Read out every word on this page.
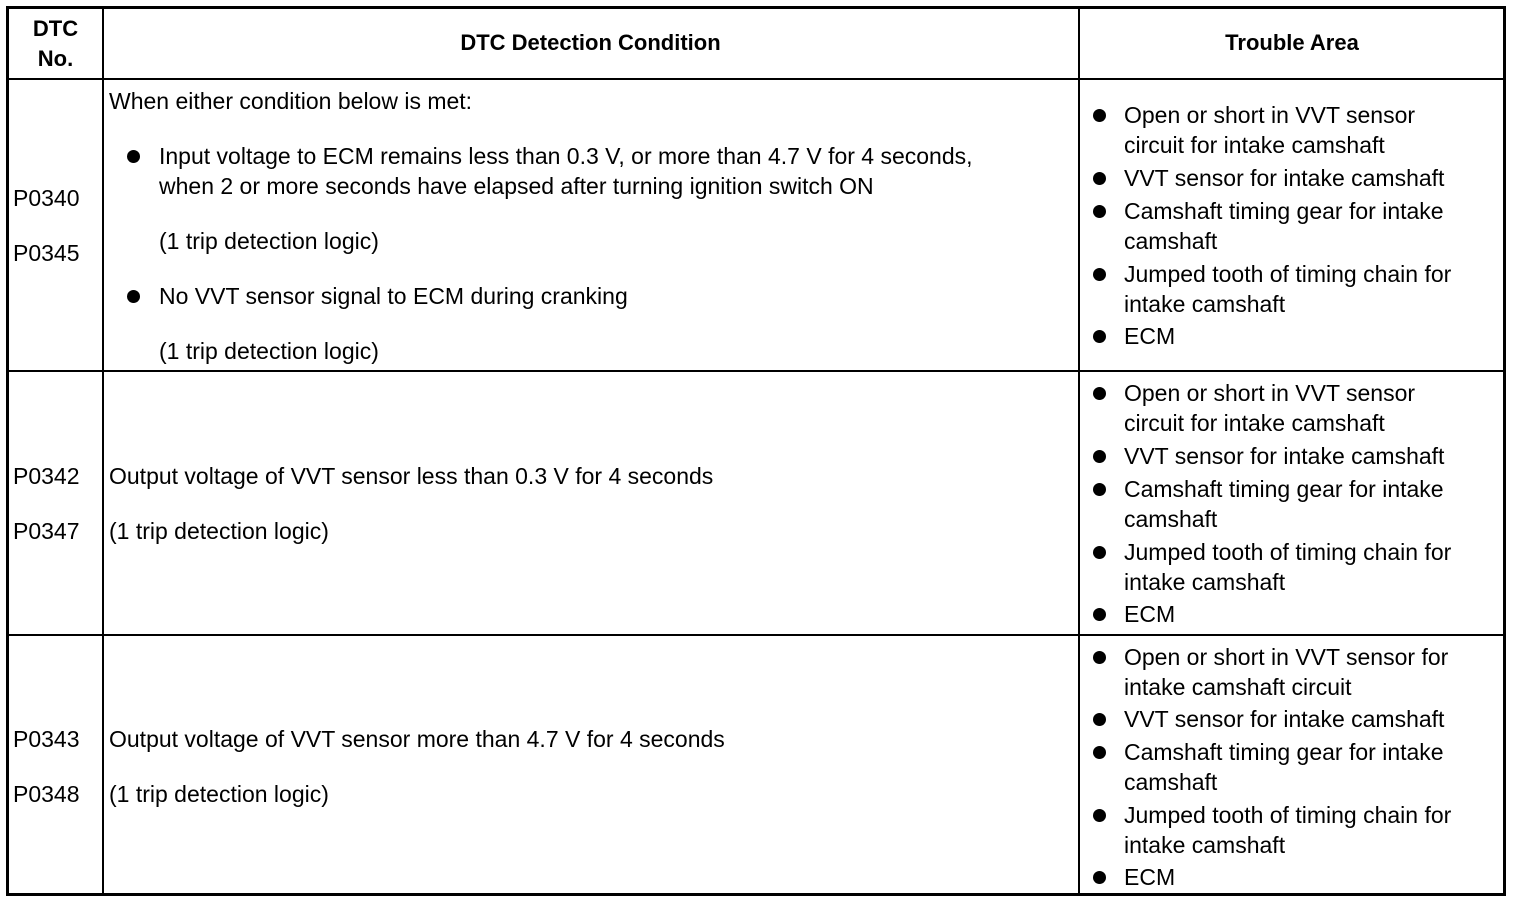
DTC
No.
DTC Detection Condition	Trouble Area
P0340
P0345
When either condition below is met:
Input voltage to ECM remains less than 0.3 V, or more than 4.7 V for 4 seconds,
when 2 or more seconds have elapsed after turning ignition switch ON
(1 trip detection logic)
No VVT sensor signal to ECM during cranking
(1 trip detection logic)
Open or short in VVT sensor
circuit for intake camshaft
VVT sensor for intake camshaft
Camshaft timing gear for intake
camshaft
Jumped tooth of timing chain for
intake camshaft
ECM
P0342
P0347
Output voltage of VVT sensor less than 0.3 V for 4 seconds
(1 trip detection logic)
Open or short in VVT sensor
circuit for intake camshaft
VVT sensor for intake camshaft
Camshaft timing gear for intake
camshaft
Jumped tooth of timing chain for
intake camshaft
ECM
P0343
P0348
Output voltage of VVT sensor more than 4.7 V for 4 seconds
(1 trip detection logic)
Open or short in VVT sensor for
intake camshaft circuit
VVT sensor for intake camshaft
Camshaft timing gear for intake
camshaft
Jumped tooth of timing chain for
intake camshaft
ECM
